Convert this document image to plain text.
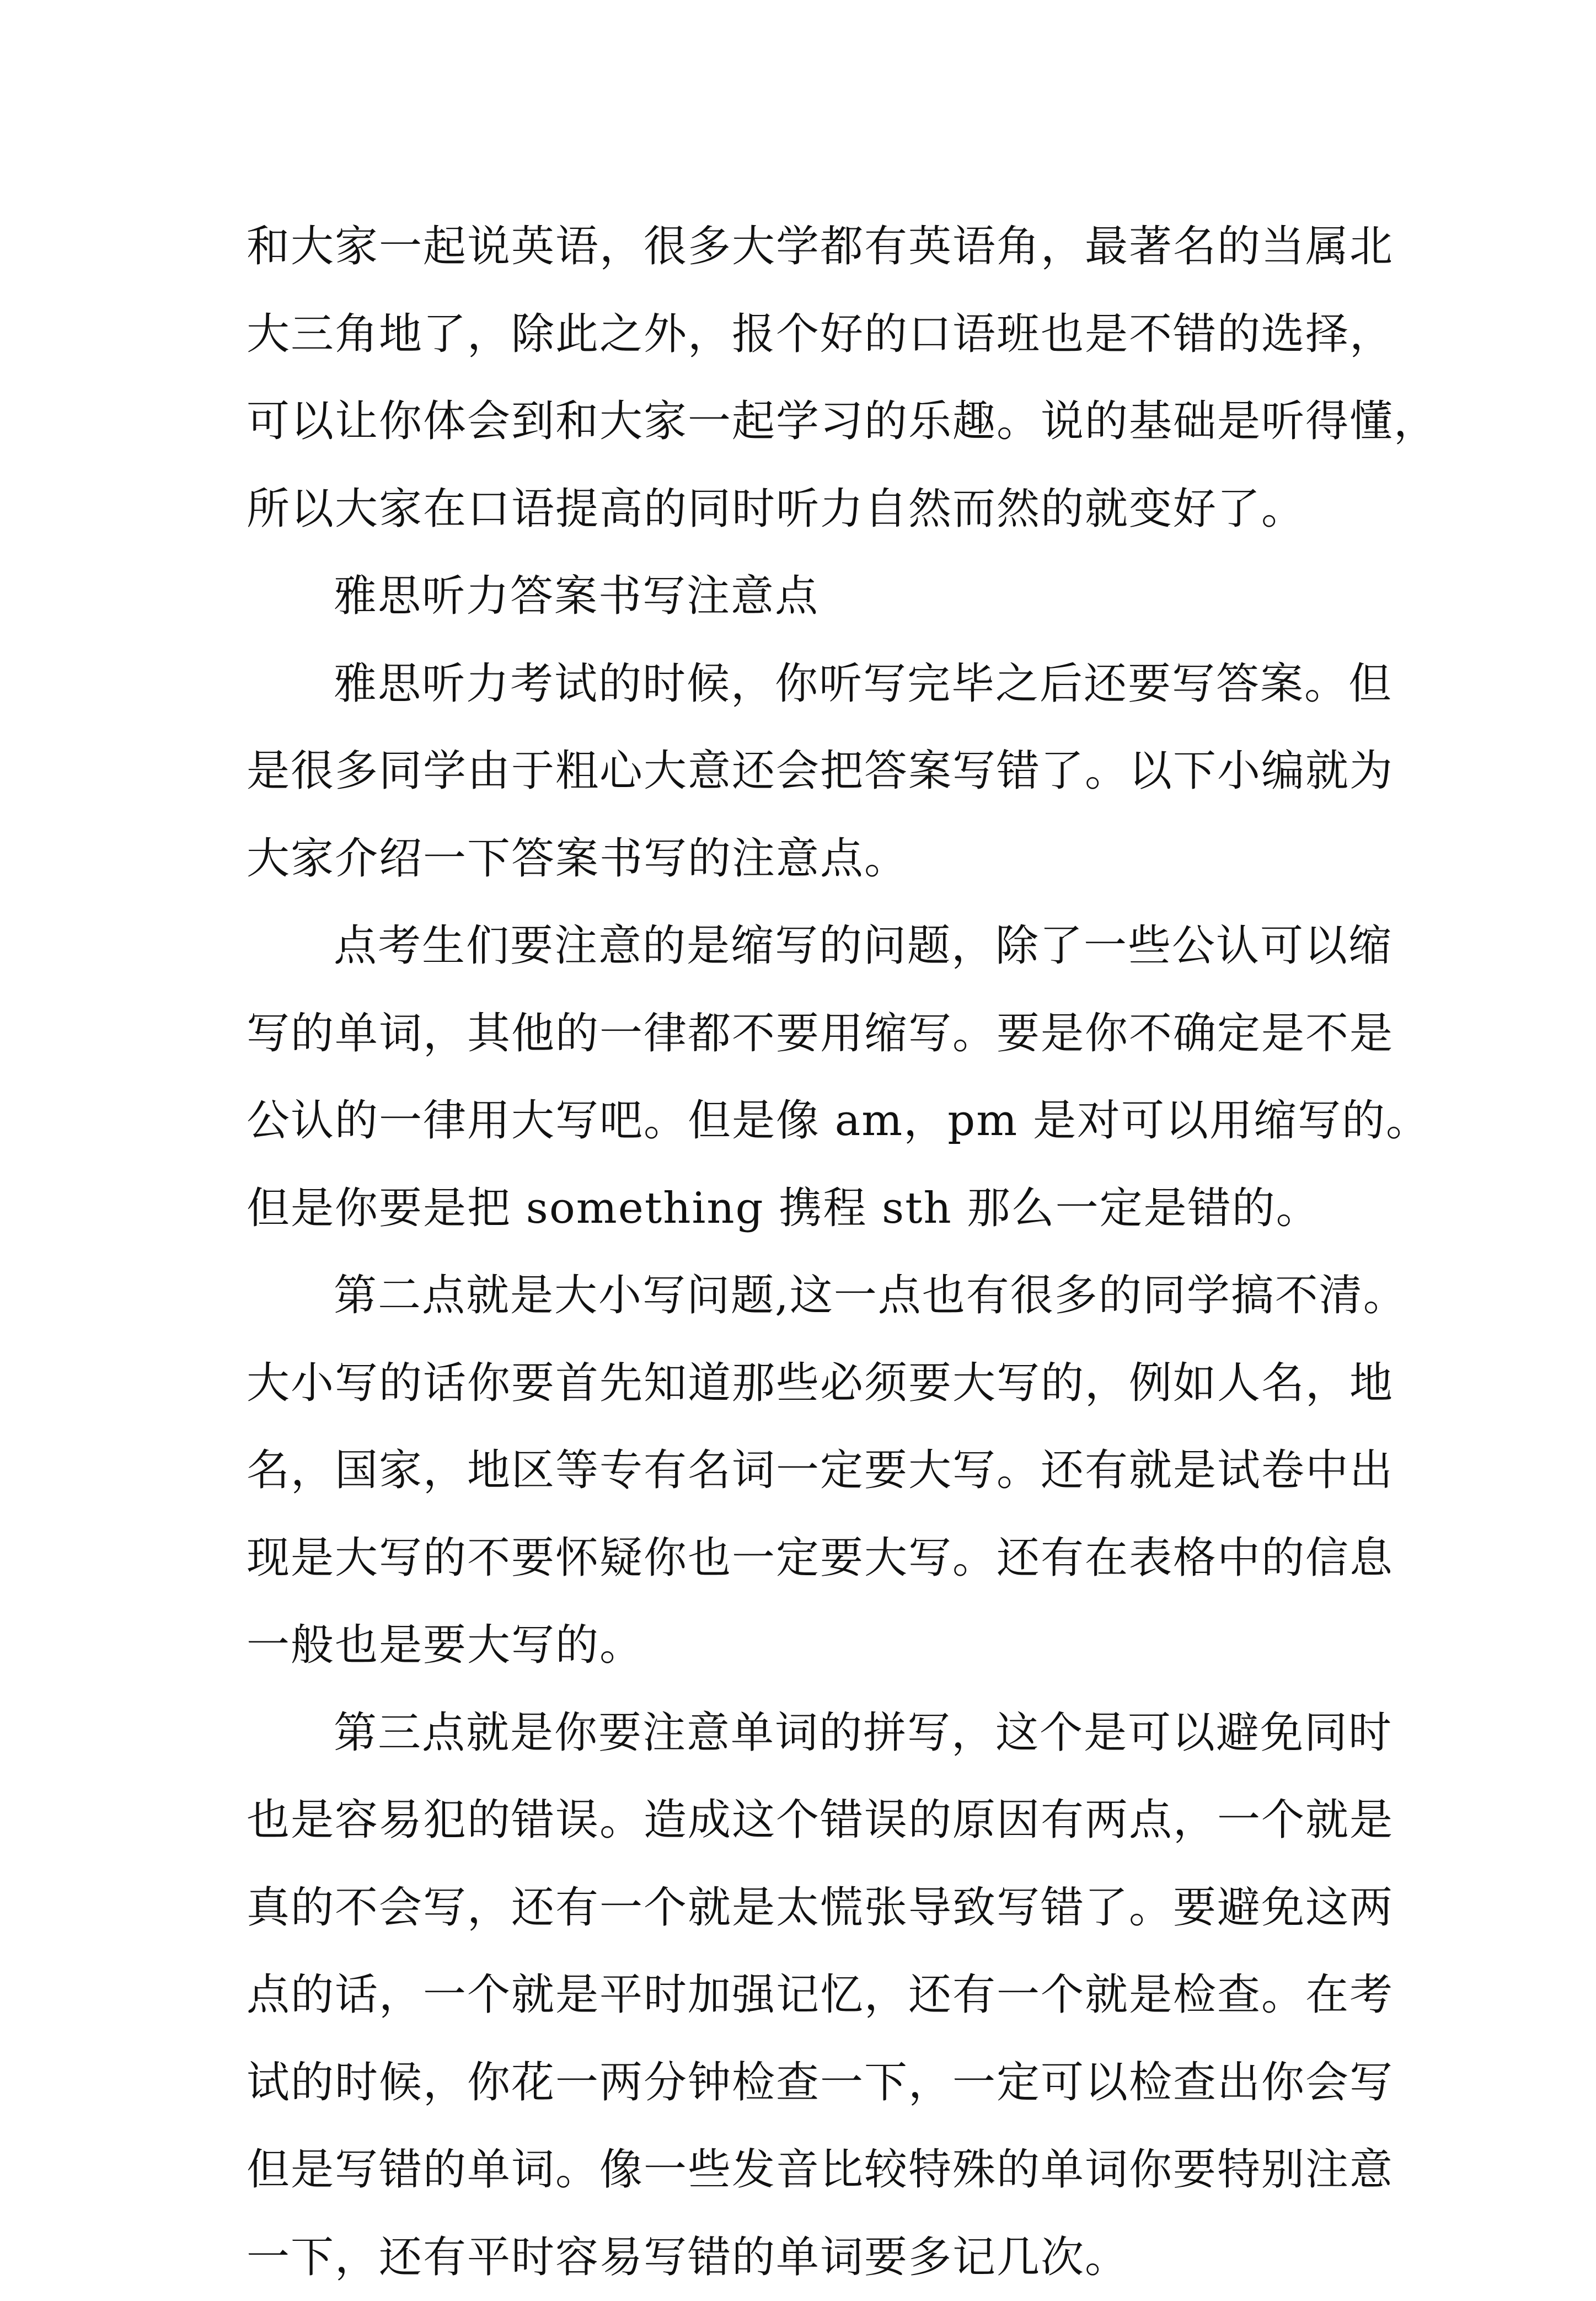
和大家一起说英语，很多大学都有英语角，最著名的当属北
大三角地了，除此之外，报个好的口语班也是不错的选择，
可以让你体会到和大家一起学习的乐趣。说的基础是听得懂，
所以大家在口语提高的同时听力自然而然的就变好了。
雅思听力答案书写注意点
雅思听力考试的时候，你听写完毕之后还要写答案。但
是很多同学由于粗心大意还会把答案写错了。以下小编就为
大家介绍一下答案书写的注意点。
点考生们要注意的是缩写的问题，除了一些公认可以缩
写的单词，其他的一律都不要用缩写。要是你不确定是不是
公认的一律用大写吧。但是像 am，pm 是对可以用缩写的。
但是你要是把 something 携程 sth 那么一定是错的。
第二点就是大小写问题,这一点也有很多的同学搞不清。
大小写的话你要首先知道那些必须要大写的，例如人名，地
名，国家，地区等专有名词一定要大写。还有就是试卷中出
现是大写的不要怀疑你也一定要大写。还有在表格中的信息
一般也是要大写的。
第三点就是你要注意单词的拼写，这个是可以避免同时
也是容易犯的错误。造成这个错误的原因有两点，一个就是
真的不会写，还有一个就是太慌张导致写错了。要避免这两
点的话，一个就是平时加强记忆，还有一个就是检查。在考
试的时候，你花一两分钟检查一下，一定可以检查出你会写
但是写错的单词。像一些发音比较特殊的单词你要特别注意
一下，还有平时容易写错的单词要多记几次。
